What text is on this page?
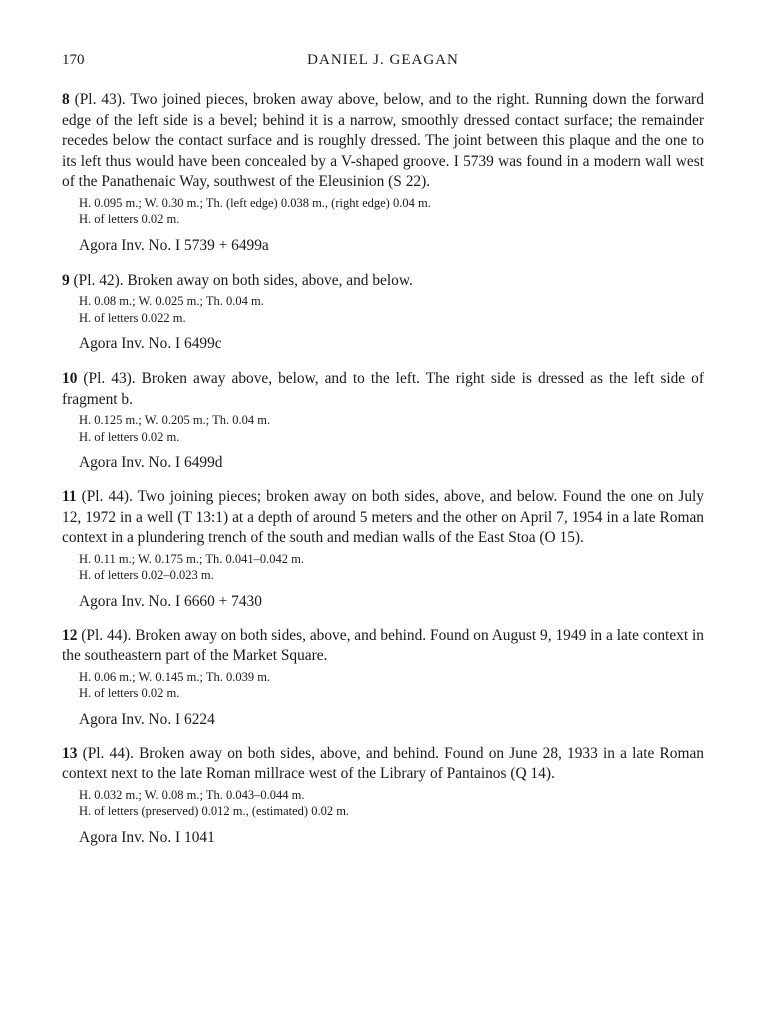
170	DANIEL J. GEAGAN

8 (Pl. 43). Two joined pieces, broken away above, below, and to the right. Running down the forward edge of the left side is a bevel; behind it is a narrow, smoothly dressed contact surface; the remainder recedes below the contact surface and is roughly dressed. The joint between this plaque and the one to its left thus would have been concealed by a V-shaped groove. I 5739 was found in a modern wall west of the Panathenaic Way, southwest of the Eleusinion (S 22).

H. 0.095 m.; W. 0.30 m.; Th. (left edge) 0.038 m., (right edge) 0.04 m.
H. of letters 0.02 m.
Agora Inv. No. I 5739 + 6499a

9 (Pl. 42). Broken away on both sides, above, and below.

H. 0.08 m.; W. 0.025 m.; Th. 0.04 m.
H. of letters 0.022 m.
Agora Inv. No. I 6499c

10 (Pl. 43). Broken away above, below, and to the left. The right side is dressed as the left side of fragment b.

H. 0.125 m.; W. 0.205 m.; Th. 0.04 m.
H. of letters 0.02 m.
Agora Inv. No. I 6499d

11 (Pl. 44). Two joining pieces; broken away on both sides, above, and below. Found the one on July 12, 1972 in a well (T 13:1) at a depth of around 5 meters and the other on April 7, 1954 in a late Roman context in a plundering trench of the south and median walls of the East Stoa (O 15).

H. 0.11 m.; W. 0.175 m.; Th. 0.041–0.042 m.
H. of letters 0.02–0.023 m.
Agora Inv. No. I 6660 + 7430

12 (Pl. 44). Broken away on both sides, above, and behind. Found on August 9, 1949 in a late context in the southeastern part of the Market Square.

H. 0.06 m.; W. 0.145 m.; Th. 0.039 m.
H. of letters 0.02 m.
Agora Inv. No. I 6224

13 (Pl. 44). Broken away on both sides, above, and behind. Found on June 28, 1933 in a late Roman context next to the late Roman millrace west of the Library of Pantainos (Q 14).

H. 0.032 m.; W. 0.08 m.; Th. 0.043–0.044 m.
H. of letters (preserved) 0.012 m., (estimated) 0.02 m.
Agora Inv. No. I 1041
